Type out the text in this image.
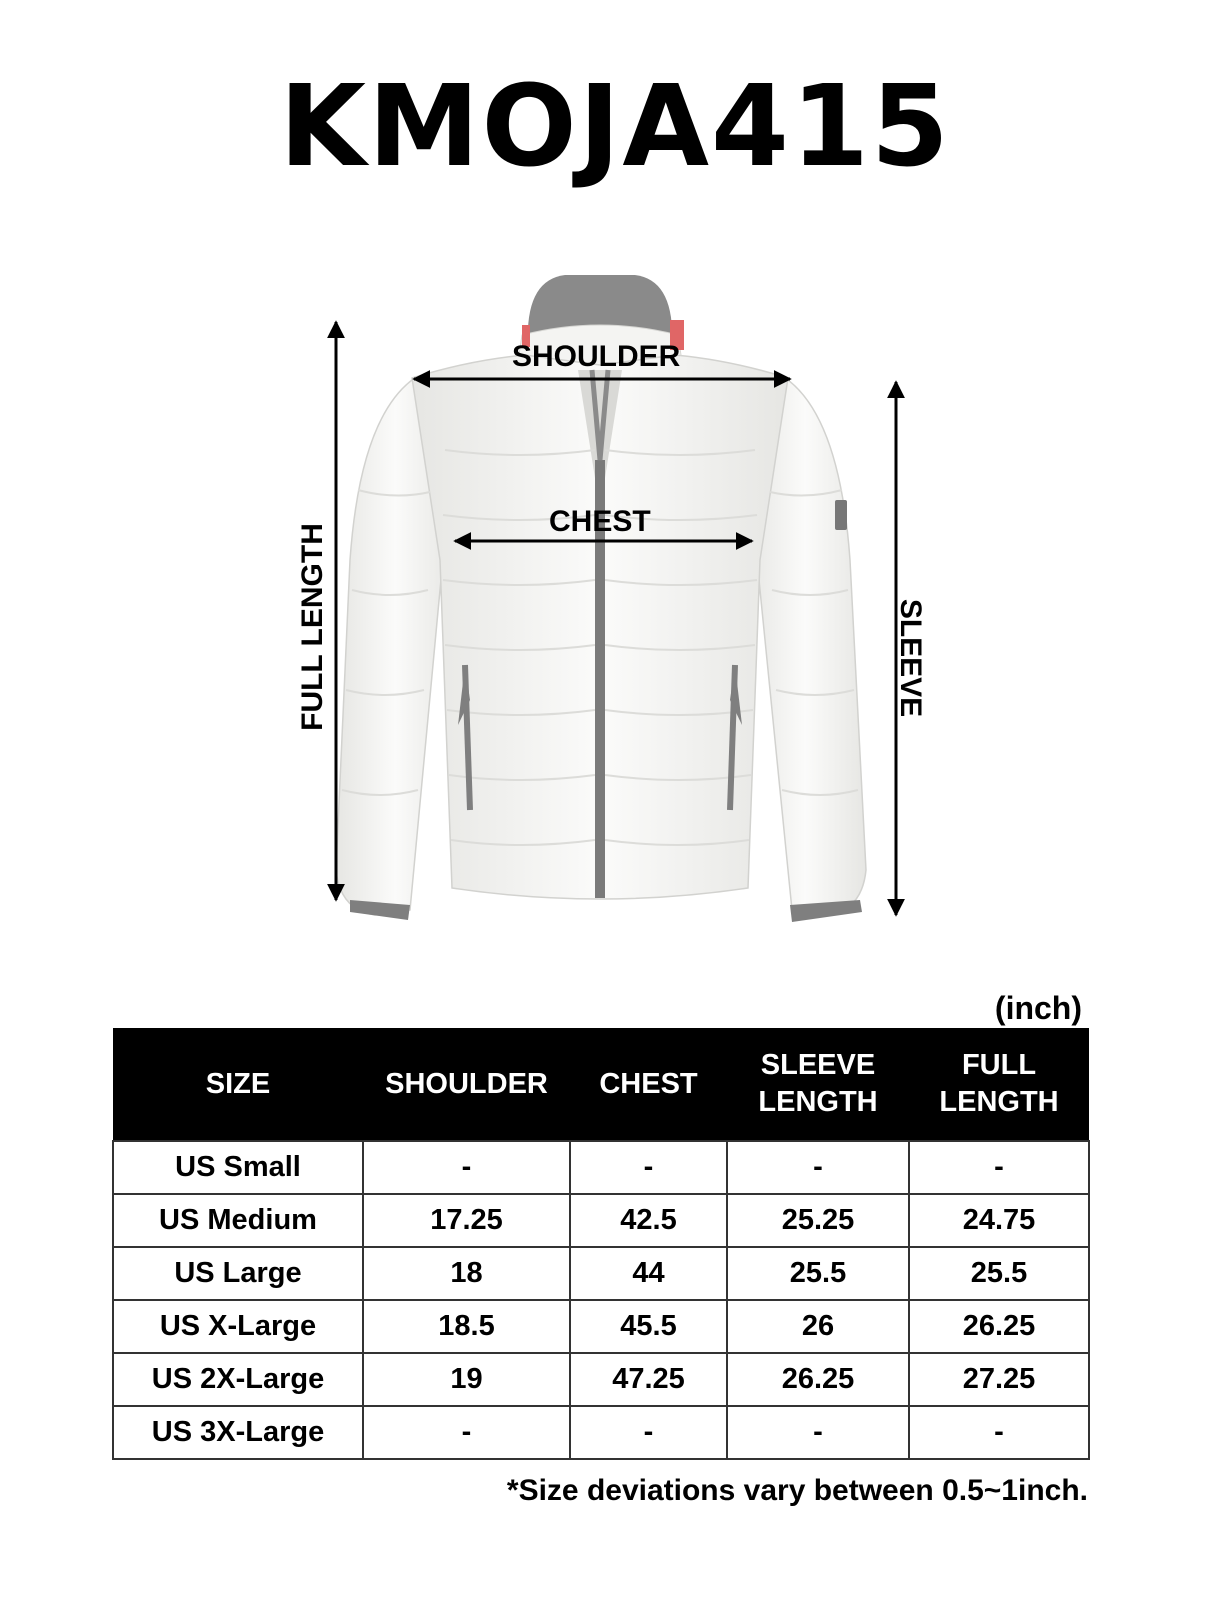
KMOJA415
SHOULDER
CHEST
FULL LENGTH	SLEEVE
(inch)
SIZE	SHOULDER	CHEST	SLEEVE LENGTH	FULL LENGTH
US Small	-	-	-	-
US Medium	17.25	42.5	25.25	24.75
US Large	18	44	25.5	25.5
US X-Large	18.5	45.5	26	26.25
US 2X-Large	19	47.25	26.25	27.25
US 3X-Large	-	-	-	-
*Size deviations vary between 0.5~1inch.
